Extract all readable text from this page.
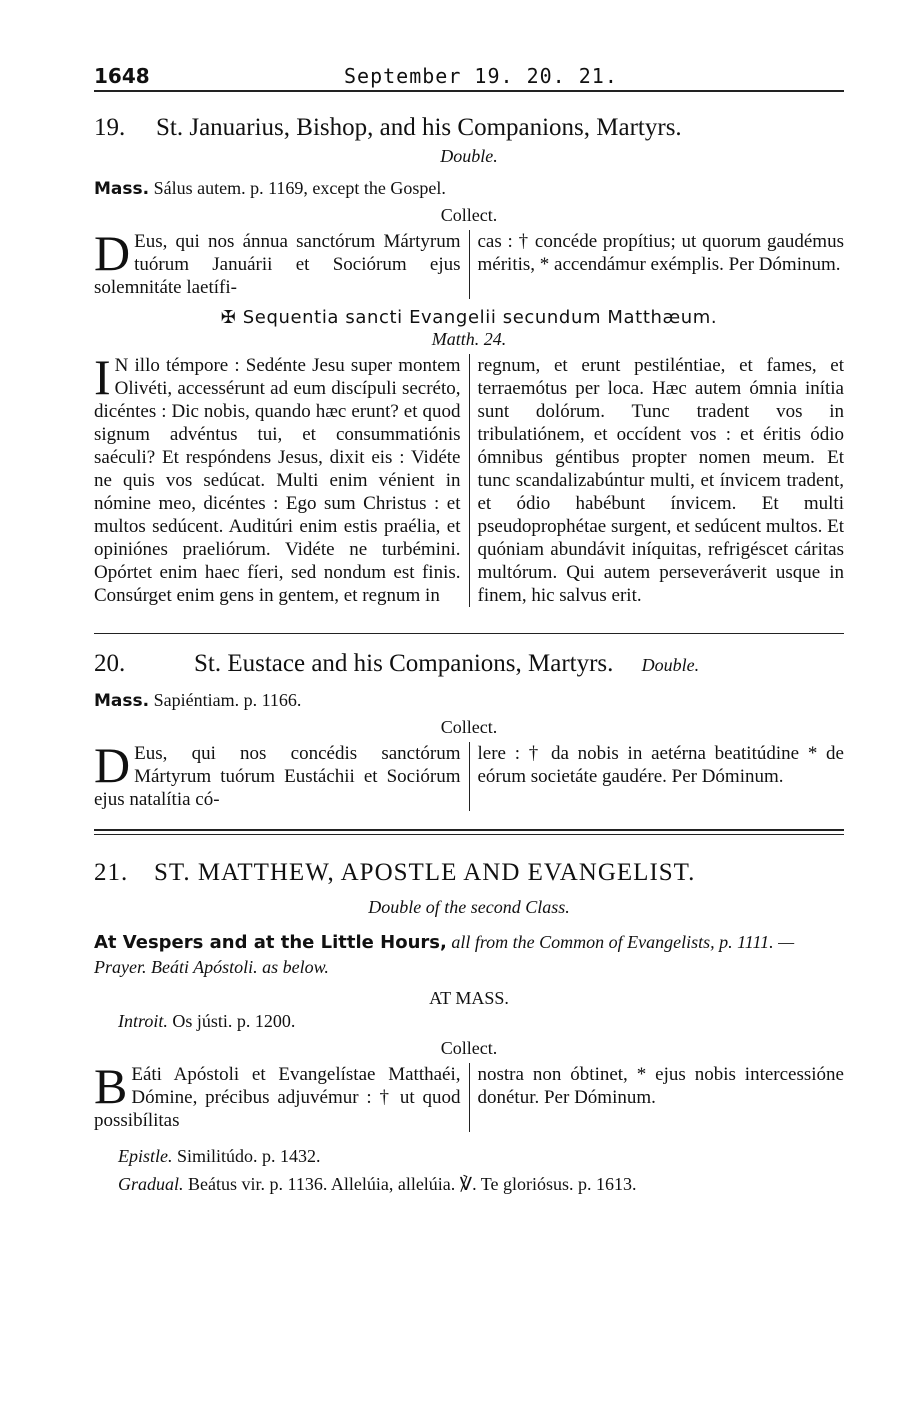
1648	September 19. 20. 21.
19. St. Januarius, Bishop, and his Companions, Martyrs.
Double.
Mass. Sálus autem. p. 1169, except the Gospel.
Collect.
D Eus, qui nos ánnua sanctórum Mártyrum tuórum Januárii et Sociórum ejus solemnitáte laetífi-
cas : † concéde propítius; ut quorum gaudémus méritis, * accendámur exémplis. Per Dóminum.
✠ Sequentia sancti Evangelii secundum Matthæum.
Matth. 24.
I N illo témpore : Sedénte Jesu super montem Olivéti, accessérunt ad eum discípuli secréto, dicéntes : Dic nobis, quando hæc erunt? et quod signum advéntus tui, et consummatiónis saéculi? Et respóndens Jesus, dixit eis : Vidéte ne quis vos sedúcat. Multi enim vénient in nómine meo, dicéntes : Ego sum Christus : et multos sedúcent. Auditúri enim estis praélia, et opiniónes praeliórum. Vidéte ne turbémini. Opórtet enim haec fíeri, sed nondum est finis. Consúrget enim gens in gentem, et regnum in
regnum, et erunt pestiléntiae, et fames, et terraemótus per loca. Hæc autem ómnia inítia sunt dolórum. Tunc tradent vos in tribulatiónem, et occídent vos : et éritis ódio ómnibus géntibus propter nomen meum. Et tunc scandalizabúntur multi, et ínvicem tradent, et ódio habébunt ínvicem. Et multi pseudoprophétae surgent, et sedúcent multos. Et quóniam abundávit iníquitas, refrigéscet cáritas multórum. Qui autem perseveráverit usque in finem, hic salvus erit.
20.	St. Eustace and his Companions, Martyrs. Double.
Mass. Sapiéntiam. p. 1166.
Collect.
D Eus, qui nos concédis sanctórum Mártyrum tuórum Eustáchii et Sociórum ejus natalítia có-
lere : † da nobis in aetérna beatitúdine * de eórum societáte gaudére. Per Dóminum.
21. ST. MATTHEW, APOSTLE AND EVANGELIST.
Double of the second Class.
At Vespers and at the Little Hours, all from the Common of Evangelists, p. 1111. — Prayer. Beáti Apóstoli. as below.
AT MASS.
Introit. Os jústi. p. 1200.
Collect.
B Eáti Apóstoli et Evangelístae Matthaéi, Dómine, précibus adjuvémur : † ut quod possibílitas
nostra non óbtinet, * ejus nobis intercessióne donétur. Per Dóminum.
Epistle. Similitúdo. p. 1432.
Gradual. Beátus vir. p. 1136. Allelúia, allelúia. ℣. Te gloriósus. p. 1613.
